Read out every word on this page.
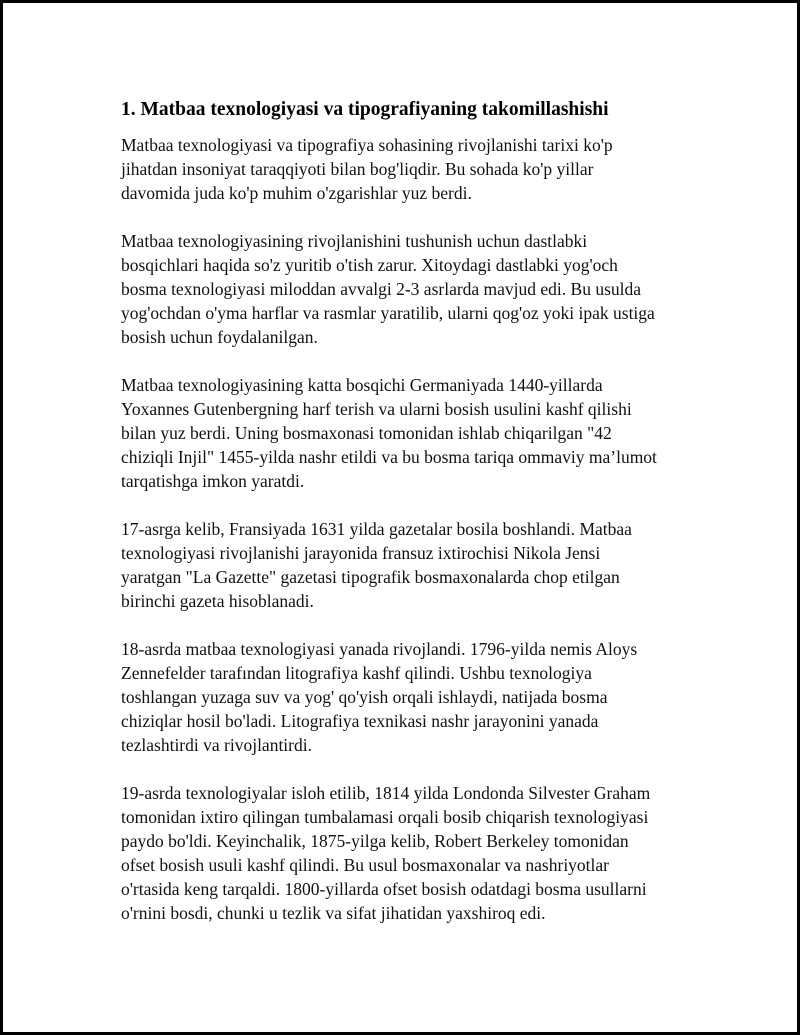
1. Matbaa texnologiyasi va tipografiyaning takomillashishi

Matbaa texnologiyasi va tipografiya sohasining rivojlanishi tarixi ko'p
jihatdan insoniyat taraqqiyoti bilan bog'liqdir. Bu sohada ko'p yillar
davomida juda ko'p muhim o'zgarishlar yuz berdi.

Matbaa texnologiyasining rivojlanishini tushunish uchun dastlabki
bosqichlari haqida so'z yuritib o'tish zarur. Xitoydagi dastlabki yog'och
bosma texnologiyasi miloddan avvalgi 2-3 asrlarda mavjud edi. Bu usulda
yog'ochdan o'yma harflar va rasmlar yaratilib, ularni qog'oz yoki ipak ustiga
bosish uchun foydalanilgan.

Matbaa texnologiyasining katta bosqichi Germaniyada 1440-yillarda
Yoxannes Gutenbergning harf terish va ularni bosish usulini kashf qilishi
bilan yuz berdi. Uning bosmaxonasi tomonidan ishlab chiqarilgan "42
chiziqli Injil" 1455-yilda nashr etildi va bu bosma tariqa ommaviy ma’lumot
tarqatishga imkon yaratdi.

17-asrga kelib, Fransiyada 1631 yilda gazetalar bosila boshlandi. Matbaa
texnologiyasi rivojlanishi jarayonida fransuz ixtirochisi Nikola Jensi
yaratgan "La Gazette" gazetasi tipografik bosmaxonalarda chop etilgan
birinchi gazeta hisoblanadi.

18-asrda matbaa texnologiyasi yanada rivojlandi. 1796-yilda nemis Aloys
Zennefelder tarafından litografiya kashf qilindi. Ushbu texnologiya
toshlangan yuzaga suv va yog' qo'yish orqali ishlaydi, natijada bosma
chiziqlar hosil bo'ladi. Litografiya texnikasi nashr jarayonini yanada
tezlashtirdi va rivojlantirdi.

19-asrda texnologiyalar isloh etilib, 1814 yilda Londonda Silvester Graham
tomonidan ixtiro qilingan tumbalamasi orqali bosib chiqarish texnologiyasi
paydo bo'ldi. Keyinchalik, 1875-yilga kelib, Robert Berkeley tomonidan
ofset bosish usuli kashf qilindi. Bu usul bosmaxonalar va nashriyotlar
o'rtasida keng tarqaldi. 1800-yillarda ofset bosish odatdagi bosma usullarni
o'rnini bosdi, chunki u tezlik va sifat jihatidan yaxshiroq edi.
